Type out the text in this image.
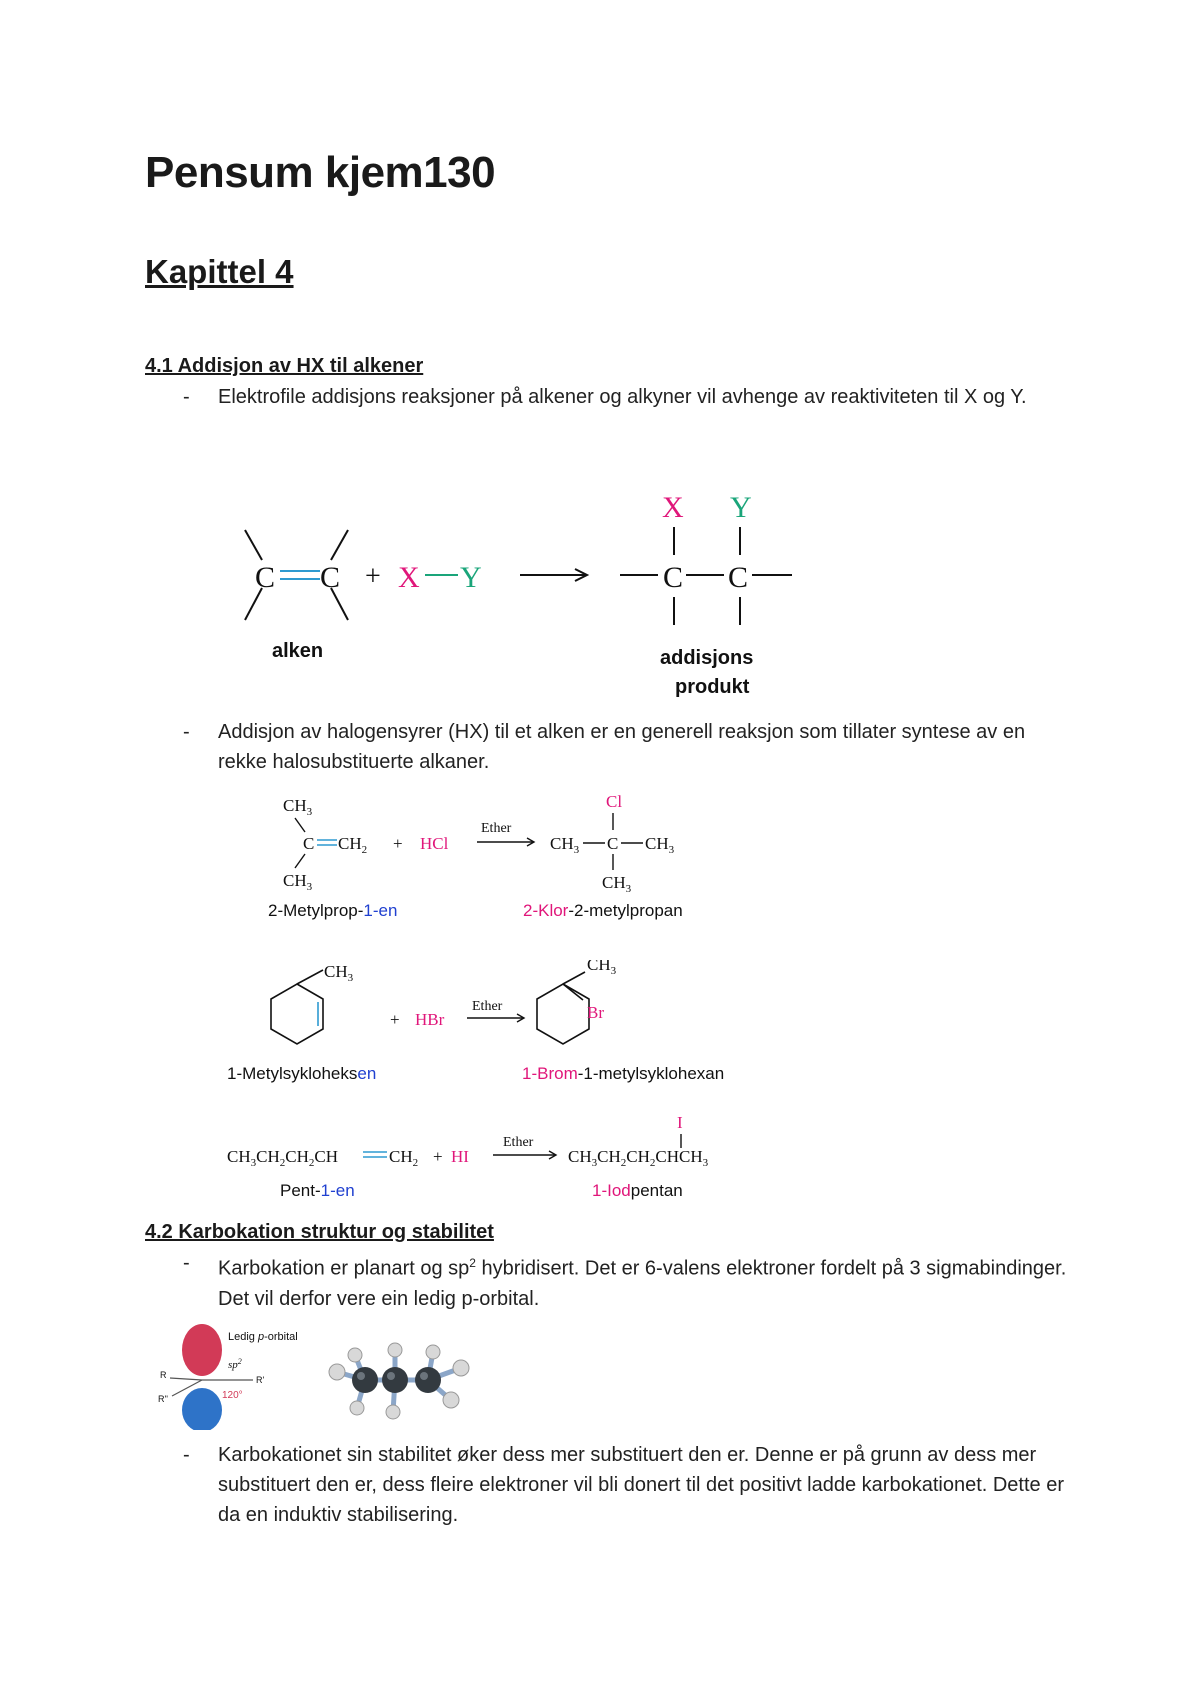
Pensum kjem130
Kapittel 4
4.1 Addisjon av HX til alkener
- Elektrofile addisjons reaksjoner på alkener og alkyner vil avhenge av reaktiviteten til X og Y.
C C + X Y
X Y
C C
alken	addisjons
produkt
- Addisjon av halogensyrer (HX) til et alken er en generell reaksjon som tillater syntese av en rekke halosubstituerte alkaner.
$CH_3$
C $CH_2$
$CH_3$
+ HCl
Ether
$CH_3$
Cl
C $CH_3$
$CH_3$
2-Metylprop-1-en	2-Klor-2-metylpropan
$CH_3$
+ HBr
Ether
$CH_3$
Br
1-Metylsykloheksen	1-Brom-1-metylsyklohexan
$CH_3CH_2CH_2CH$	$CH_2$ + HI
Ether
I
$CH_3CH_2CH_2CHCH_3$
Pent-1-en	1-Iodpentan
4.2 Karbokation struktur og stabilitet
- Karbokation er planart og $sp^2$ hybridisert. Det er 6-valens elektroner fordelt på 3 sigmabindinger. Det vil derfor vere ein ledig p-orbital.
Ledig p-orbital
$sp^2$
120°
R	R'
R''
- Karbokationet sin stabilitet øker dess mer substituert den er. Denne er på grunn av dess mer substituert den er, dess fleire elektroner vil bli donert til det positivt ladde karbokationet. Dette er da en induktiv stabilisering.
